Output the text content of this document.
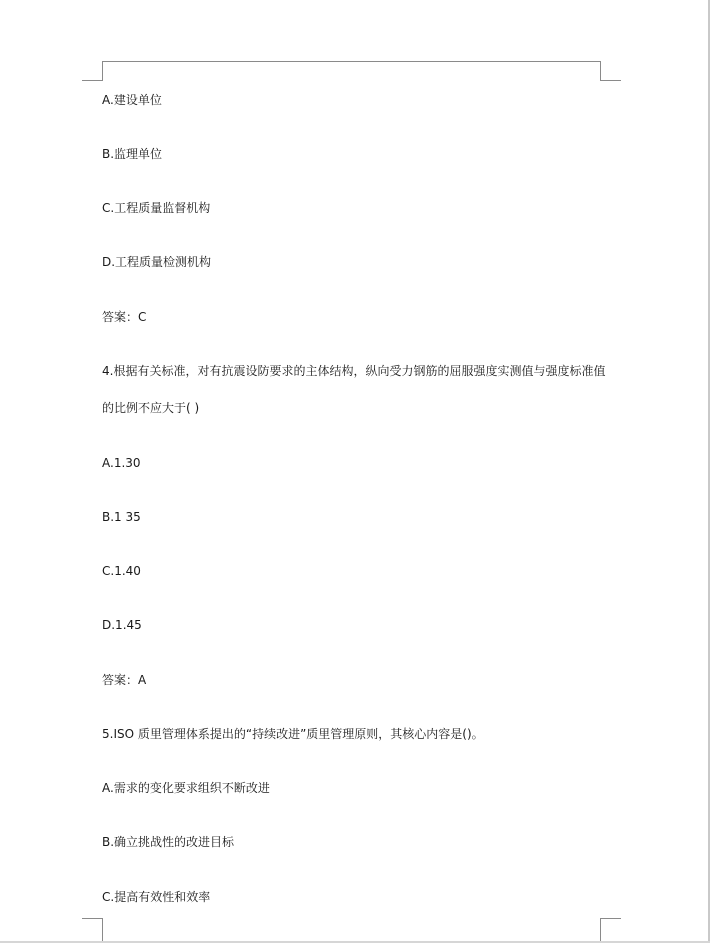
A.建设单位
B.监理单位
C.工程质量监督机构
D.工程质量检测机构
答案：C
4.根据有关标准，对有抗震设防要求的主体结构，纵向受力钢筋的屈服强度实测值与强度标准值
的比例不应大于( )
A.1.30
B.1 35
C.1.40
D.1.45
答案：A
5.ISO 质里管理体系提出的“持续改进”质里管理原则，其核心内容是()。
A.需求的变化要求组织不断改进
B.确立挑战性的改进目标
C.提高有效性和效率
